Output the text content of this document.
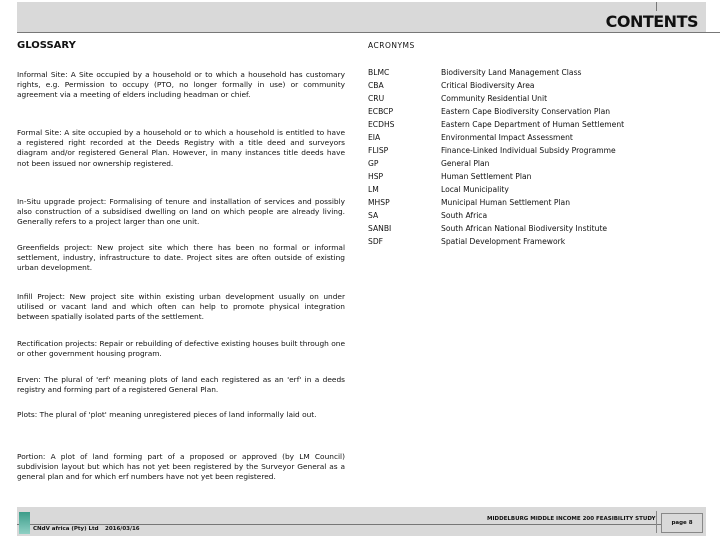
CONTENTS
GLOSSARY
Informal Site: A Site occupied by a household or to which a household has customary rights, e.g. Permission to occupy (PTO, no longer formally in use) or community agreement via a meeting of elders including headman or chief.
Formal Site: A site occupied by a household or to which a household is entitled to have a registered right recorded at the Deeds Registry with a title deed and surveyors diagram and/or registered General Plan. However, in many instances title deeds have not been issued nor ownership registered.
In-Situ upgrade project: Formalising of tenure and installation of services and possibly also construction of a subsidised dwelling on land on which people are already living. Generally refers to a project larger than one unit.
Greenfields project: New project site which there has been no formal or informal settlement, industry, infrastructure to date. Project sites are often outside of existing urban development.
Infill Project: New project site within existing urban development usually on under utilised or vacant land and which often can help to promote physical integration between spatially isolated parts of the settlement.
Rectification projects: Repair or rebuilding of defective existing houses built through one or other government housing program.
Erven: The plural of 'erf' meaning plots of land each registered as an 'erf' in a deeds registry and forming part of a registered General Plan.
Plots: The plural of 'plot' meaning unregistered pieces of land informally laid out.
Portion: A plot of land forming part of a proposed or approved (by LM Council) subdivision layout but which has not yet been registered by the Surveyor General as a general plan and for which erf numbers have not yet been registered.
ACRONYMS
BLMC	Biodiversity Land Management Class
CBA	Critical Biodiversity Area
CRU	Community Residential Unit
ECBCP	Eastern Cape Biodiversity Conservation Plan
ECDHS	Eastern Cape Department of Human Settlement
EIA	Environmental Impact Assessment
FLISP	Finance-Linked Individual Subsidy Programme
GP	General Plan
HSP	Human Settlement Plan
LM	Local Municipality
MHSP	Municipal Human Settlement Plan
SA	South Africa
SANBI	South African National Biodiversity Institute
SDF	Spatial Development Framework
CNdV africa (Pty) Ltd 2016/03/16
MIDDELBURG MIDDLE INCOME 200 FEASIBILITY STUDY
page 8
